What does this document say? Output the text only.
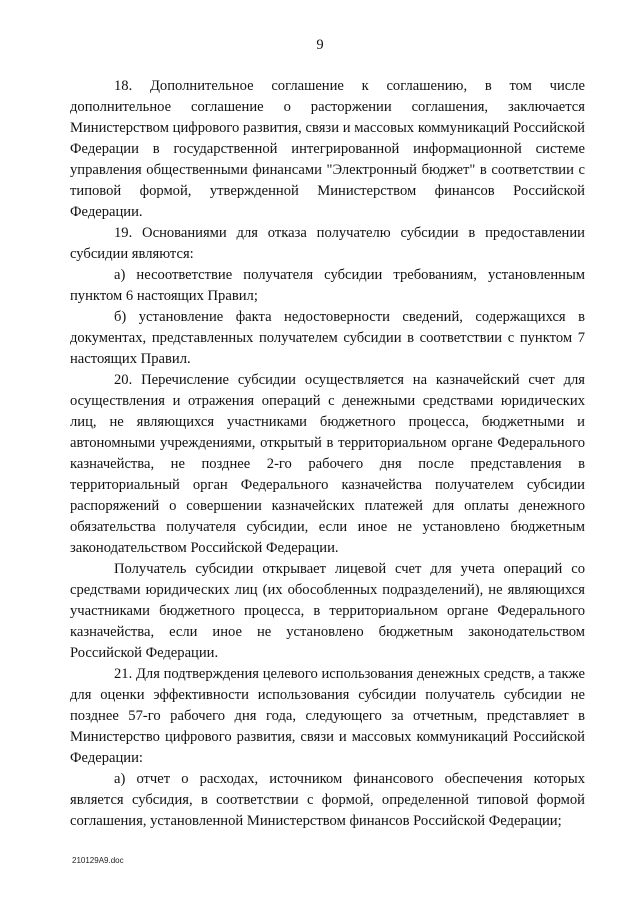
9

18. Дополнительное соглашение к соглашению, в том числе дополнительное соглашение о расторжении соглашения, заключается Министерством цифрового развития, связи и массовых коммуникаций Российской Федерации в государственной интегрированной информационной системе управления общественными финансами "Электронный бюджет" в соответствии с типовой формой, утвержденной Министерством финансов Российской Федерации.

19. Основаниями для отказа получателю субсидии в предоставлении субсидии являются:

а) несоответствие получателя субсидии требованиям, установленным пунктом 6 настоящих Правил;

б) установление факта недостоверности сведений, содержащихся в документах, представленных получателем субсидии в соответствии с пунктом 7 настоящих Правил.

20. Перечисление субсидии осуществляется на казначейский счет для осуществления и отражения операций с денежными средствами юридических лиц, не являющихся участниками бюджетного процесса, бюджетными и автономными учреждениями, открытый в территориальном органе Федерального казначейства, не позднее 2-го рабочего дня после представления в территориальный орган Федерального казначейства получателем субсидии распоряжений о совершении казначейских платежей для оплаты денежного обязательства получателя субсидии, если иное не установлено бюджетным законодательством Российской Федерации.

Получатель субсидии открывает лицевой счет для учета операций со средствами юридических лиц (их обособленных подразделений), не являющихся участниками бюджетного процесса, в территориальном органе Федерального казначейства, если иное не установлено бюджетным законодательством Российской Федерации.

21. Для подтверждения целевого использования денежных средств, а также для оценки эффективности использования субсидии получатель субсидии не позднее 57-го рабочего дня года, следующего за отчетным, представляет в Министерство цифрового развития, связи и массовых коммуникаций Российской Федерации:

а) отчет о расходах, источником финансового обеспечения которых является субсидия, в соответствии с формой, определенной типовой формой соглашения, установленной Министерством финансов Российской Федерации;

210129A9.doc
